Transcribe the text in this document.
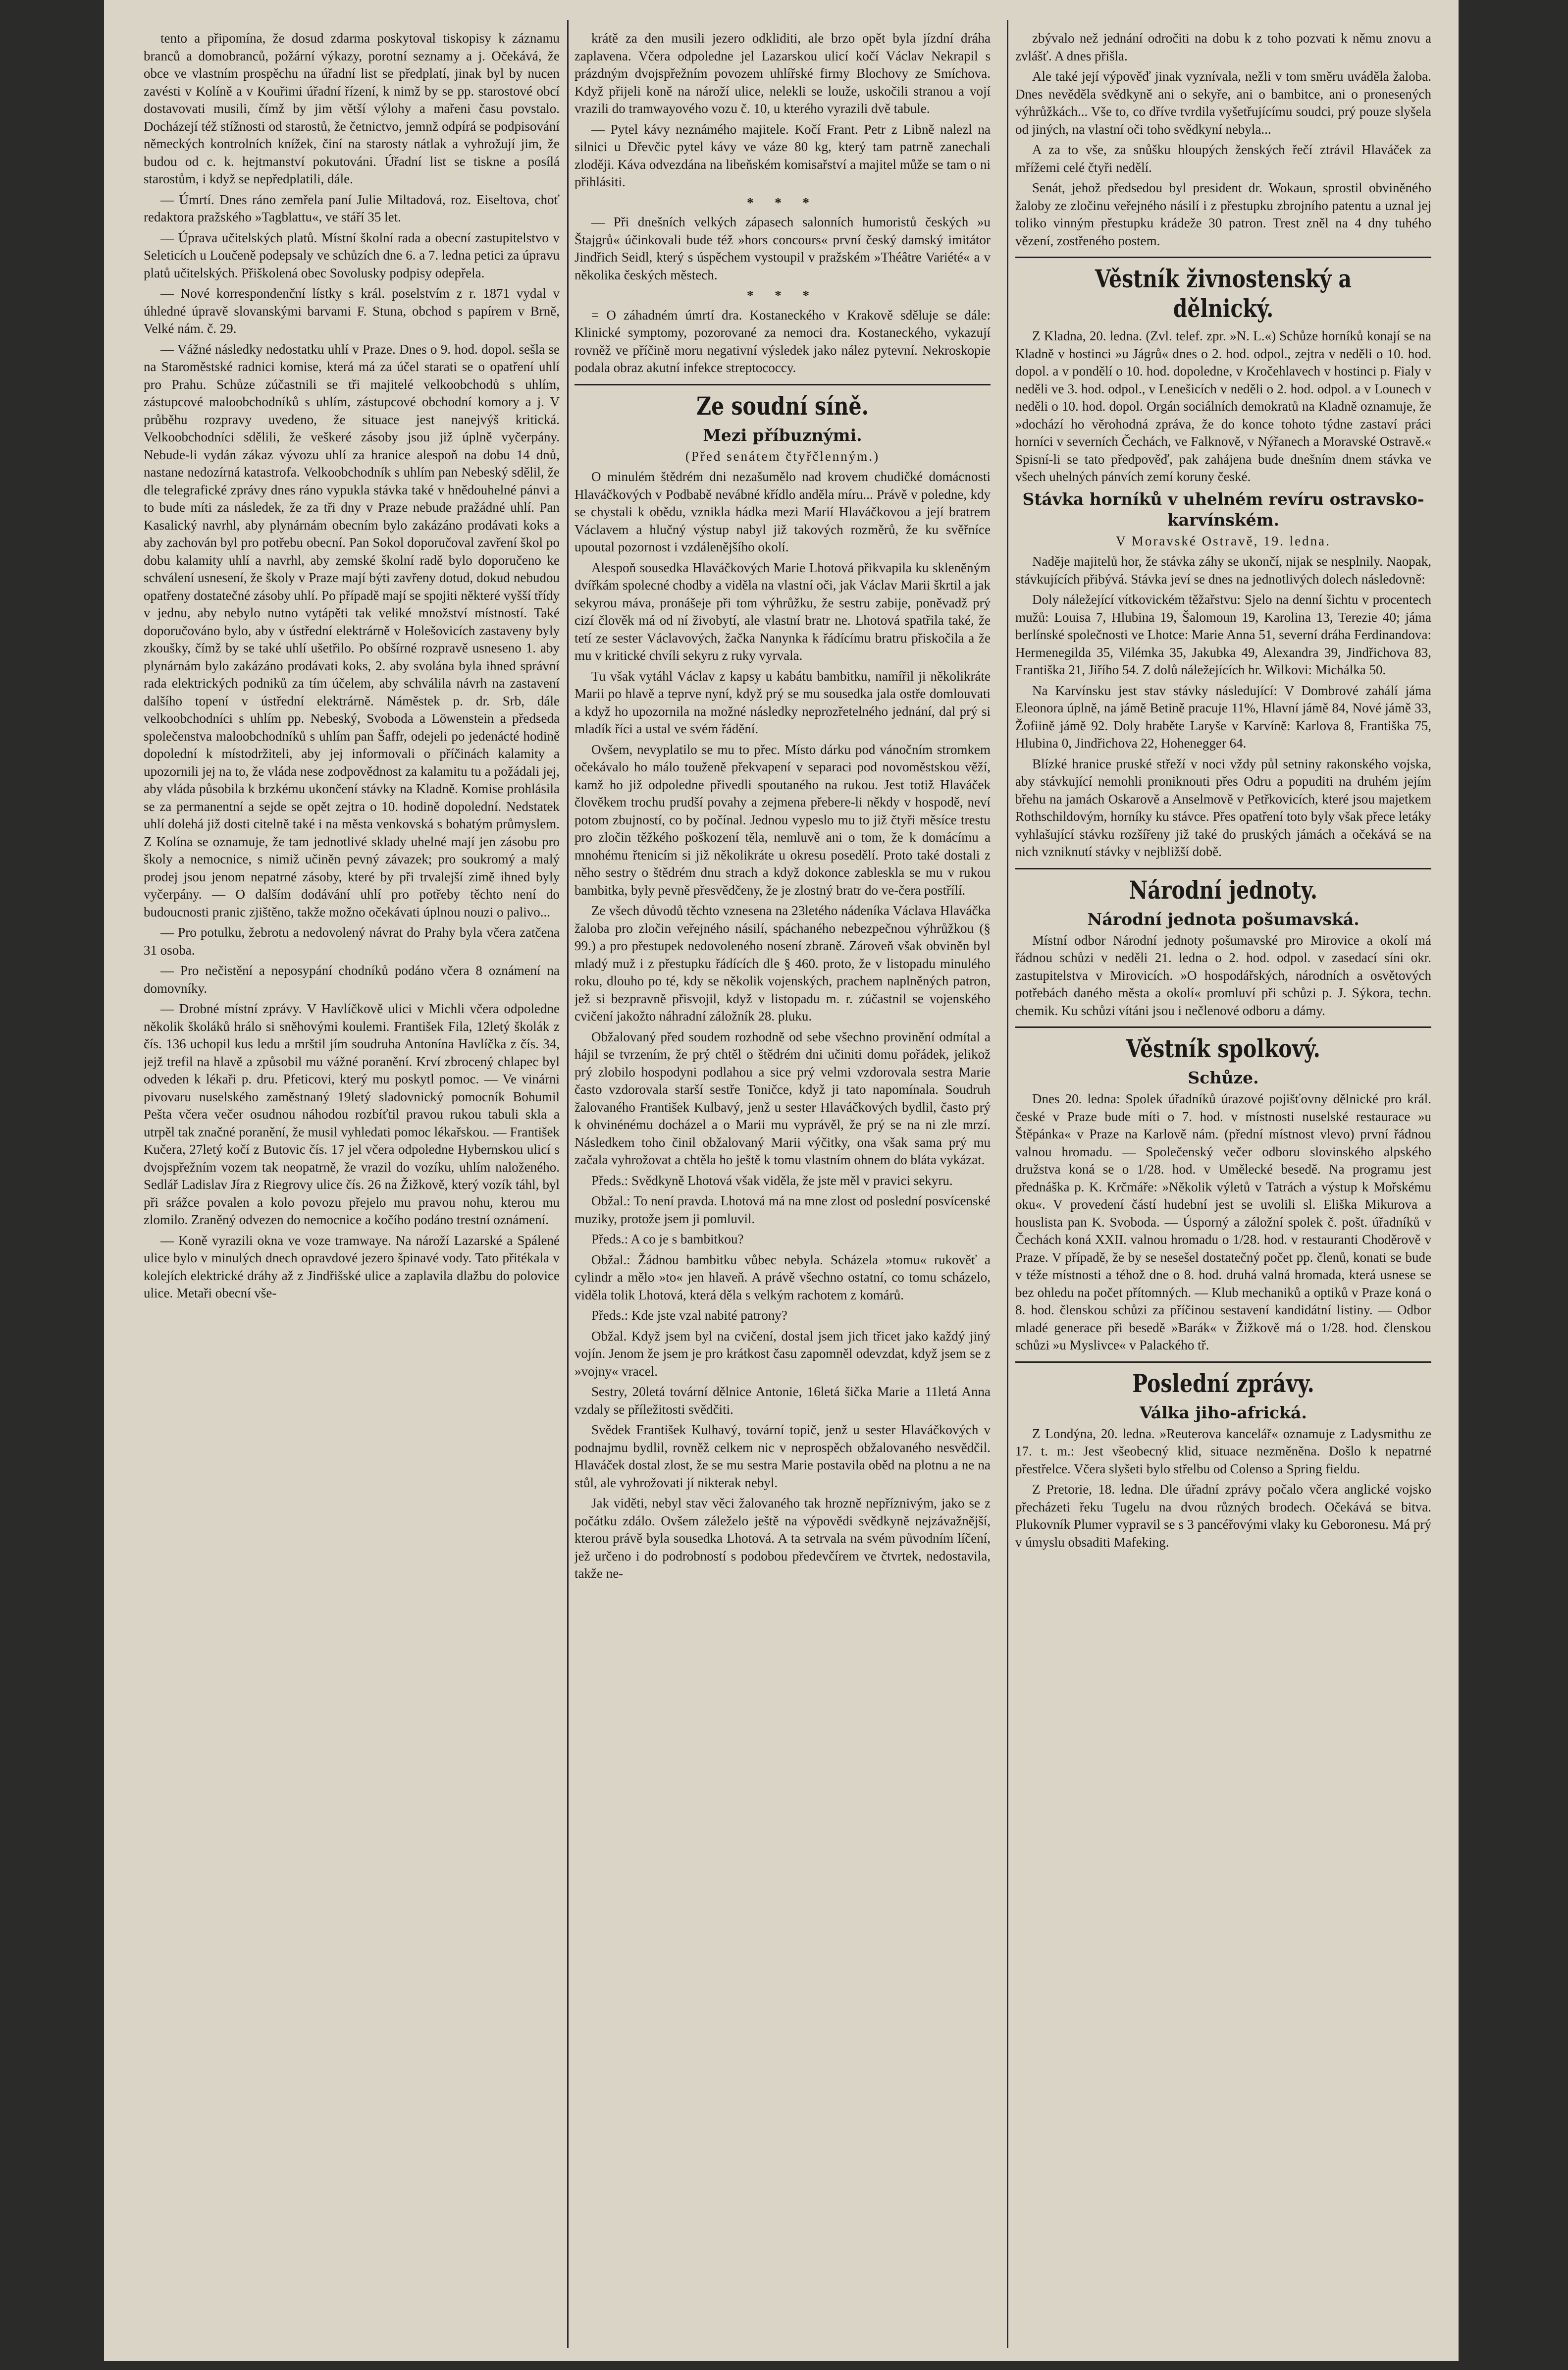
tento a připomína, že dosud zdarma poskytoval tiskopisy k záznamu branců a domobranců, požární výkazy, porotní seznamy a j. Očekává, že obce ve vlastním prospěchu na úřadní list se předplatí, jinak byl by nucen zavésti v Kolíně a v Kouřimi úřadní řízení, k nimž by se pp. starostové obcí dostavovati musili, čímž by jim větší výlohy a mařeni času povstalo. Docházejí též stížnosti od starostů, že četnictvo, jemnž odpírá se podpisování německých kontrolních knížek, činí na starosty nátlak a vyhrožují jim, že budou od c. k. hejtmanství pokutováni. Úřadní list se tiskne a posílá starostům, i když se nepředplatili, dále.

— Úmrtí. Dnes ráno zemřela paní Julie Miltadová, roz. Eiseltova, choť redaktora pražského »Tagblattu«, ve stáří 35 let.

— Úprava učitelských platů. Místní školní rada a obecní zastupitelstvo v Seleticích u Loučeně podepsaly ve schůzích dne 6. a 7. ledna petici za úpravu platů učitelských. Přiškolená obec Sovolusky podpisy odepřela.

— Nové korrespondenční lístky s král. poselstvím z r. 1871 vydal v úhledné úpravě slovanskými barvami F. Stuna, obchod s papírem v Brně, Velké nám. č. 29.

— Vážné následky nedostatku uhlí v Praze. Dnes o 9. hod. dopol. sešla se na Staroměstské radnici komise, která má za účel starati se o opatření uhlí pro Prahu. Schůze zúčastnili se tři majitelé velkoobchodů s uhlím, zástupcové maloobchodníků s uhlím, zástupcové obchodní komory a j. V průběhu rozpravy uvedeno, že situace jest nanejvýš kritická. Velkoobchodníci sdělili, že veškeré zásoby jsou již úplně vyčerpány. Nebude-li vydán zákaz vývozu uhlí za hranice alespoň na dobu 14 dnů, nastane nedozírná katastrofa. Velkoobchodník s uhlím pan Nebeský sdělil, že dle telegrafické zprávy dnes ráno vypukla stávka také v hnědouhelné pánvi a to bude míti za následek, že za tři dny v Praze nebude pražádné uhlí. Pan Kasalický navrhl, aby plynárnám obecním bylo zakázáno prodávati koks a aby zachován byl pro potřebu obecní. Pan Sokol doporučoval zavření škol po dobu kalamity uhlí a navrhl, aby zemské školní radě bylo doporučeno ke schválení usnesení, že školy v Praze mají býti zavřeny dotud, dokud nebudou opatřeny dostatečné zásoby uhlí. Po případě mají se spojiti některé vyšší třídy v jednu, aby nebylo nutno vytápěti tak veliké množství místností. Také doporučováno bylo, aby v ústřední elektrárně v Holešovicích zastaveny byly zkoušky, čímž by se také uhlí ušetřilo. Po obšírné rozpravě usneseno 1. aby plynárnám bylo zakázáno prodávati koks, 2. aby svolána byla ihned správní rada elektrických podniků za tím účelem, aby schválila návrh na zastavení dalšího topení v ústřední elektrárně. Náměstek p. dr. Srb, dále velkoobchodníci s uhlím pp. Nebeský, Svoboda a Löwenstein a předseda společenstva maloobchodníků s uhlím pan Šaffr, odejeli po jedenácté hodině dopolední k místodržiteli, aby jej informovali o příčinách kalamity a upozornili jej na to, že vláda nese zodpovědnost za kalamitu tu a požádali jej, aby vláda působila k brzkému ukončení stávky na Kladně. Komise prohlásila se za permanentní a sejde se opět zejtra o 10. hodině dopolední. Nedstatek uhlí dolehá již dosti citelně také i na města venkovská s bohatým průmyslem. Z Kolína se oznamuje, že tam jednotlivé sklady uhelné mají jen zásobu pro školy a nemocnice, s nimiž učiněn pevný závazek; pro soukromý a malý prodej jsou jenom nepatrné zásoby, které by při trvalejší zimě ihned byly vyčerpány. — O dalším dodávání uhlí pro potřeby těchto není do budoucnosti pranic zjištěno, takže možno očekávati úplnou nouzi o palivo...

— Pro potulku, žebrotu a nedovolený návrat do Prahy byla včera zatčena 31 osoba.

— Pro nečistění a neposypání chodníků podáno včera 8 oznámení na domovníky.

— Drobné místní zprávy. V Havlíčkově ulici v Michli včera odpoledne několik školáků hrálo si sněhovými koulemi. František Fila, 12letý školák z čís. 136 uchopil kus ledu a mrštil jím soudruha Antonína Havlíčka z čís. 34, jejž trefil na hlavě a způsobil mu vážné poranění. Krví zbrocený chlapec byl odveden k lékaři p. dru. Pfeticovi, který mu poskytl pomoc. — Ve vinárni pivovaru nuselského zaměstnaný 19letý sladovnický pomocník Bohumil Pešta včera večer osudnou náhodou rozbíťtil pravou rukou tabuli skla a utrpěl tak značné poranění, že musil vyhledati pomoc lékařskou. — František Kučera, 27letý kočí z Butovic čís. 17 jel včera odpoledne Hybernskou ulicí s dvojspřežním vozem tak neopatrně, že vrazil do vozíku, uhlím naloženého. Sedlář Ladislav Jíra z Riegrovy ulice čís. 26 na Žižkově, který vozík táhl, byl při srážce povalen a kolo povozu přejelo mu pravou nohu, kterou mu zlomilo. Zraněný odvezen do nemocnice a kočího podáno trestní oznámení.

— Koně vyrazili okna ve voze tramwaye. Na nároží Lazarské a Spálené ulice bylo v minulých dnech opravdové jezero špinavé vody. Tato přitékala v kolejích elektrické dráhy až z Jindřišské ulice a zaplavila dlažbu do polovice ulice. Metaři obecní vše-

krátě za den musili jezero odkliditi, ale brzo opět byla jízdní dráha zaplavena. Včera odpoledne jel Lazarskou ulicí kočí Václav Nekrapil s prázdným dvojspřežním povozem uhlířské firmy Blochovy ze Smíchova. Když přijeli koně na nároží ulice, nelekli se louže, uskočili stranou a vojí vrazili do tramwayového vozu č. 10, u kterého vyrazili dvě tabule.

— Pytel kávy neznámého majitele. Kočí Frant. Petr z Libně nalezl na silnici u Dřevčic pytel kávy ve váze 80 kg, který tam patrně zanechali zloději. Káva odvezdána na libeňském komisařství a majitel může se tam o ni přihlásiti.

* * *

— Při dnešních velkých zápasech salonních humoristů českých »u Štajgrů« účinkovali bude též »hors concours« první český damský imitátor Jindřich Seidl, který s úspěchem vystoupil v pražském »Théâtre Variété« a v několika českých městech.

* * *

= O záhadném úmrtí dra. Kostaneckého v Krakově sděluje se dále: Klinické symptomy, pozorované za nemoci dra. Kostaneckého, vykazují rovněž ve příčině moru negativní výsledek jako nález pytevní. Nekroskopie podala obraz akutní infekce streptococcy.

Ze soudní síně.
Mezi příbuznými.
(Před senátem čtyřčlenným.)

O minulém štědrém dni nezašumělo nad krovem chudičké domácnosti Hlaváčkových v Podbabě nevábné křídlo anděla míru... Právě v poledne, kdy se chystali k obědu, vznikla hádka mezi Marií Hlaváčkovou a její bratrem Václavem a hlučný výstup nabyl již takových rozměrů, že ku svěřníce upoutal pozornost i vzdálenějšího okolí.

Alespoň sousedka Hlaváčkových Marie Lhotová přikvapila ku skleněným dvířkám spolecné chodby a viděla na vlastní oči, jak Václav Marii škrtil a jak sekyrou máva, pronášeje při tom výhrůžku, že sestru zabije, poněvadž prý cizí člověk má od ní živobytí, ale vlastní bratr ne. Lhotová spatřila také, že tetí ze sester Václavových, žačka Nanynka k řádícímu bratru přiskočila a že mu v kritické chvíli sekyru z ruky vyrvala.

Tu však vytáhl Václav z kapsy u kabátu bambitku, namířil ji několikráte Marii po hlavě a teprve nyní, když prý se mu sousedka jala ostře domlouvati a když ho upozornila na možné následky neprozřetelného jednání, dal prý si mladík říci a ustal ve svém řádění.

Ovšem, nevyplatilo se mu to přec. Místo dárku pod vánočním stromkem očekávalo ho málo touženě překvapení v separaci pod novoměstskou věží, kamž ho již odpoledne přivedli spoutaného na rukou. Jest totiž Hlaváček člověkem trochu prudší povahy a zejmena přebere-li někdy v hospodě, neví potom zbujností, co by počínal. Jednou vypeslo mu to již čtyři měsíce trestu pro zločin těžkého poškození těla, nemluvě ani o tom, že k domácímu a mnohému řtenicím si již několikráte u okresu posedělí. Proto také dostali z něho sestry o štědrém dnu strach a když dokonce zablesklа se mu v rukou bambitka, byly pevně přesvědčeny, že je zlostný bratr do ve-čera postřílí.

Ze všech důvodů těchto vznesena na 23letého nádeníka Václava Hlaváčka žaloba pro zločin veřejného násilí, spáchaného nebezpečnou výhrůžkou (§ 99.) a pro přestupek nedovoleného nosení zbraně. Zároveň však obviněn byl mladý muž i z přestupku řádících dle § 460. proto, že v listopadu minulého roku, dlouho po té, kdy se několik vojenských, prachem naplněných patron, jež si bezpravně přisvojil, když v listopadu m. r. zúčastnil se vojenského cvičení jakožto náhradní záložník 28. pluku.

Obžalovaný před soudem rozhodně od sebe všechno provinění odmítal a hájil se tvrzením, že prý chtěl o štědrém dni učiniti domu pořádek, jelikož prý zlobilo hospodyni podlahou a sice prý velmi vzdorovala sestra Marie často vzdorovala starší sestře Toničce, když ji tato napomínala. Soudruh žalovaného František Kulbavý, jenž u sester Hlaváčkových bydlil, často prý k ohvinénému docházel a o Marii mu vyprávěl, že prý se na ni zle mrzí. Následkem toho činil obžalovaný Marii výčitky, ona však sama prý mu začala vyhrožovat a chtěla ho ještě k tomu vlastním ohnem do bláta vykázat.

Předs.: Svědkyně Lhotová však viděla, že jste měl v pravici sekyru.

Obžal.: To není pravda. Lhotová má na mne zlost od poslední posvícenské muziky, protože jsem ji pomluvil.

Předs.: A co je s bambitkou?

Obžal.: Žádnou bambitku vůbec nebyla. Scházela »tomu« rukověť a cylindr a mělo »to« jen hlaveň. A právě všechno ostatní, co tomu scházelo, viděla tolik Lhotová, která děla s velkým rachotem z komárů.

Předs.: Kde jste vzal nabité patrony?

Obžal. Když jsem byl na cvičení, dostal jsem jich třicet jako každý jiný vojín. Jenom že jsem je pro krátkost času zapomněl odevzdat, když jsem se z »vojny« vracel.

Sestry, 20letá tovární dělnice Antonie, 16letá šička Marie a 11letá Anna vzdaly se příležitosti svědčiti.

Svědek František Kulhavý, tovární topič, jenž u sester Hlaváčkových v podnajmu bydlil, rovněž celkem nic v neprospěch obžalovaného nesvědčil. Hlaváček dostal zlost, že se mu sestra Marie postavila oběd na plotnu a ne na stůl, ale vyhrožovati jí nikterak nebyl.

Jak viděti, nebyl stav věci žalovaného tak hrozně nepříznivým, jako se z počátku zdálo. Ovšem záleželo ještě na výpovědi svědkyně nejzávažnější, kterou právě byla sousedka Lhotová. A ta setrvala na svém původním líčení, jež určeno i do podrobností s podobou předevčírem ve čtvrtek, nedostavila, takže ne-

zbývalo než jednání odročiti na dobu k z toho pozvati k němu znovu a zvlášť. A dnes přišla.

Ale také její výpověď jinak vyznívala, nežli v tom směru uváděla žaloba. Dnes nevěděla svědkyně ani o sekyře, ani o bambitce, ani o pronesených výhrůžkách... Vše to, co dříve tvrdila vyšetřujícímu soudci, prý pouze slyšela od jiných, na vlastní oči toho svědkyní nebyla...

A za to vše, za snůšku hloupých ženských řečí ztrávil Hlaváček za mřížemi celé čtyři nedělí.

Senát, jehož předsedou byl president dr. Wokaun, sprostil obviněného žaloby ze zločinu veřejného násilí i z přestupku zbrojního patentu a uznal jej toliko vinným přestupku krádeže 30 patron. Trest zněl na 4 dny tuhého vězení, zostřeného postem.

Věstník živnostenský a dělnický.

Z Kladna, 20. ledna. (Zvl. telef. zpr. »N. L.«) Schůze horníků konají se na Kladně v hostinci »u Jágrů« dnes o 2. hod. odpol., zejtra v neděli o 10. hod. dopol. a v pondělí o 10. hod. dopoledne, v Kročehlavech v hostinci p. Fialy v neděli ve 3. hod. odpol., v Lenešicích v neděli o 2. hod. odpol. a v Lounech v neděli o 10. hod. dopol. Orgán sociálních demokratů na Kladně oznamuje, že »dochází ho věrohodná zpráva, že do konce tohoto týdne zastaví práci horníci v severních Čechách, ve Falknově, v Nýřanech a Moravské Ostravě.« Spisní-li se tato předpověď, pak zahájena bude dnešním dnem stávka ve všech uhelných pánvích zemí koruny české.

Stávka horníků v uhelném revíru ostravsko-karvínském.
V Moravské Ostravě, 19. ledna.

Naděje majitelů hor, že stávka záhy se ukončí, nijak se nesplnily. Naopak, stávkujících přibývá. Stávka jeví se dnes na jednotlivých dolech následovně:

Doly náležející vítkovickém těžařstvu: Sjelo na denní šichtu v procentech mužů: Louisa 7, Hlubina 19, Šalomoun 19, Karolina 13, Terezie 40; jáma berlínské společnosti ve Lhotce: Marie Anna 51, severní dráha Ferdinandova: Hermenegilda 35, Vilémka 35, Jakubka 49, Alexandra 39, Jindřichova 83, Františka 21, Jiřího 54. Z dolů náležejících hr. Wilkovi: Michálka 50.

Na Karvínsku jest stav stávky následující: V Dombrové zahálí jáma Eleonora úplně, na jámě Betině pracuje 11%, Hlavní jámě 84, Nové jámě 33, Žofiině jámě 92. Doly hraběte Laryše v Karvíně: Karlova 8, Františka 75, Hlubina 0, Jindřichova 22, Hohenegger 64.

Blízké hranice pruské střeží v noci vždy půl setniny rakonského vojska, aby stávkující nemohli proniknouti přes Odru a popuditi na druhém jejím břehu na jamách Oskarově a Anselmově v Petřkovicích, které jsou majetkem Rothschildovým, horníky ku stávce. Přes opatření toto byly však přece letáky vyhlašující stávku rozšířeny již také do pruských jámách a očekává se na nich vzniknutí stávky v nejbližší době.

Národní jednoty.
Národní jednota pošumavská.

Místní odbor Národní jednoty pošumavské pro Mirovice a okolí má řádnou schůzi v neděli 21. ledna o 2. hod. odpol. v zasedací síni okr. zastupitelstva v Mirovicích. »O hospodářských, národních a osvětových potřebách daného města a okolí« promluví při schůzi p. J. Sýkora, techn. chemik. Ku schůzi vítáni jsou i nečlenové odboru a dámy.

Věstník spolkový.
Schůze.

Dnes 20. ledna: Spolek úřadníků úrazové pojišťovny dělnické pro král. české v Praze bude míti o 7. hod. v místnosti nuselské restaurace »u Štěpánka« v Praze na Karlově nám. (přední místnost vlevo) první řádnou valnou hromadu. — Společenský večer odboru slovinského alpského družstva koná se o 1/28. hod. v Umělecké besedě. Na programu jest přednáška p. K. Krčmáře: »Několik výletů v Tatrách a výstup k Mořskému oku«. V provedení částí hudební jest se uvolili sl. Eliška Mikurova a houslista pan K. Svoboda. — Úsporný a záložní spolek č. pošt. úřadníků v Čechách koná XXII. valnou hromadu o 1/28. hod. v restauranti Choděrově v Praze. V případě, že by se nesešel dostatečný počet pp. členů, konati se bude v téže místnosti a téhož dne o 8. hod. druhá valná hromada, která usnese se bez ohledu na počet přítomných. — Klub mechaniků a optiků v Praze koná o 8. hod. členskou schůzi za příčinou sestavení kandidátní listiny. — Odbor mladé generace při besedě »Barák« v Žižkově má o 1/28. hod. členskou schůzi »u Myslivce« v Palackého tř.

Poslední zprávy.
Válka jiho-africká.

Z Londýna, 20. ledna. »Reuterova kancelář« oznamuje z Ladysmithu ze 17. t. m.: Jest všeobecný klid, situace nezměněna. Došlo k nepatrné přestřelce. Včera slyšeti bylo střelbu od Colenso a Spring fieldu.

Z Pretorie, 18. ledna. Dle úřadní zprávy počalo včera anglické vojsko přecházeti řeku Tugelu na dvou různých brodech. Očekává se bitva. Plukovník Plumer vypravil se s 3 pancéřovými vlaky ku Geboronesu. Má prý v úmyslu obsaditi Mafeking.
